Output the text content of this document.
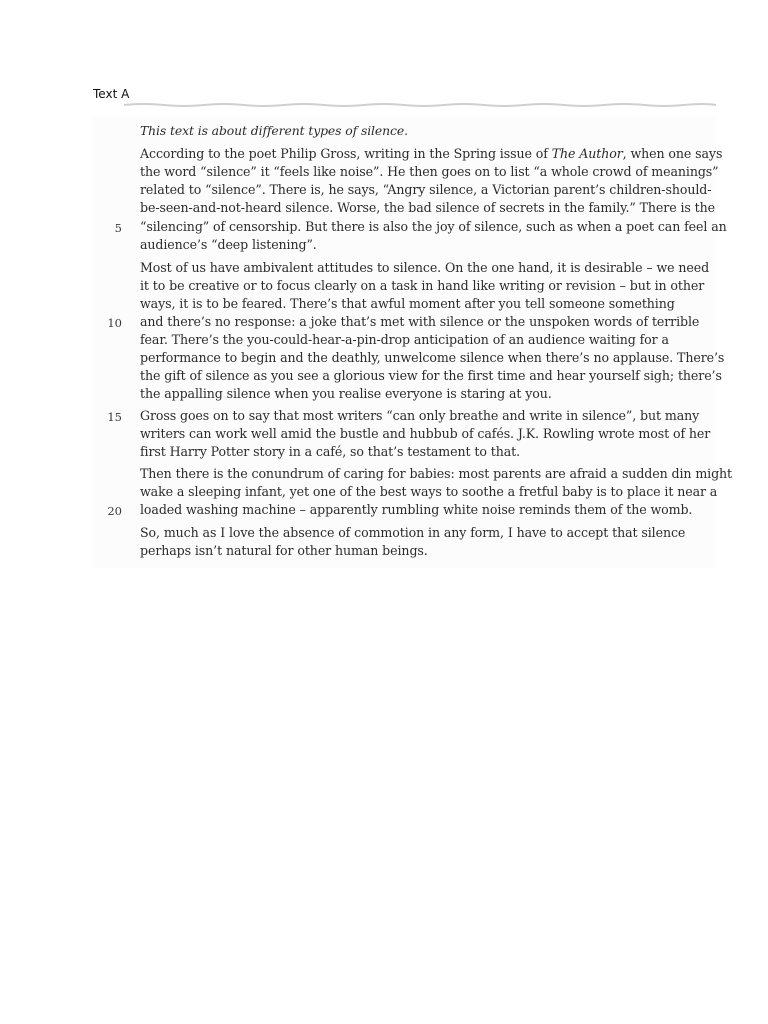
Text A
This text is about different types of silence.
According to the poet Philip Gross, writing in the Spring issue of The Author, when one says
the word “silence” it “feels like noise”. He then goes on to list “a whole crowd of meanings”
related to “silence”. There is, he says, “Angry silence, a Victorian parent’s children-should-
be-seen-and-not-heard silence. Worse, the bad silence of secrets in the family.” There is the
“silencing” of censorship. But there is also the joy of silence, such as when a poet can feel an
audience’s “deep listening”.
Most of us have ambivalent attitudes to silence. On the one hand, it is desirable – we need
it to be creative or to focus clearly on a task in hand like writing or revision – but in other
ways, it is to be feared. There’s that awful moment after you tell someone something
and there’s no response: a joke that’s met with silence or the unspoken words of terrible
fear. There’s the you-could-hear-a-pin-drop anticipation of an audience waiting for a
performance to begin and the deathly, unwelcome silence when there’s no applause. There’s
the gift of silence as you see a glorious view for the first time and hear yourself sigh; there’s
the appalling silence when you realise everyone is staring at you.
Gross goes on to say that most writers “can only breathe and write in silence”, but many
writers can work well amid the bustle and hubbub of cafés. J.K. Rowling wrote most of her
first Harry Potter story in a café, so that’s testament to that.
Then there is the conundrum of caring for babies: most parents are afraid a sudden din might
wake a sleeping infant, yet one of the best ways to soothe a fretful baby is to place it near a
loaded washing machine – apparently rumbling white noise reminds them of the womb.
So, much as I love the absence of commotion in any form, I have to accept that silence
perhaps isn’t natural for other human beings.
5
10
15
20
